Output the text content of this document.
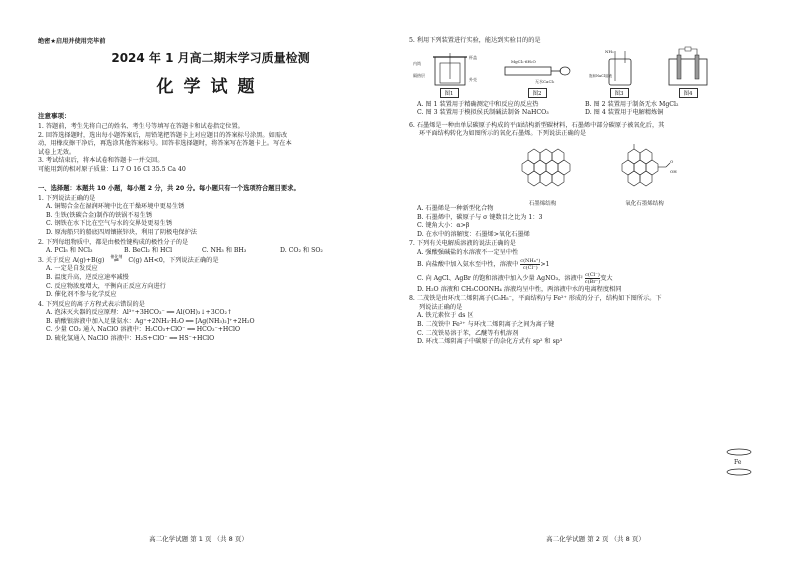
绝密★启用并使用完毕前
2024 年 1 月高二期末学习质量检测
化学试题
注意事项：
1. 答题前，考生先将自己的姓名、考生号等填写在答题卡和试卷指定位置。
2. 回答选择题时，选出每小题答案后，用铅笔把答题卡上对应题目的答案标号涂黑。如需改
动，用橡皮擦干净后，再选涂其他答案标号。回答非选择题时，将答案写在答题卡上。写在本
试卷上无效。
3. 考试结束后，将本试卷和答题卡一并交回。
可能用到的相对原子质量：Li 7 O 16 Cl 35.5 Ca 40
一、选择题：本题共 10 小题，每小题 2 分，共 20 分。每小题只有一个选项符合题目要求。
1. 下列说法正确的是
A. 铜锡合金在湿润环境中比在干燥环境中更易生锈
B. 生铁(铁碳合金)制作的铁锅不易生锈
C. 钢铁在水下比在空气与水的交界处更易生锈
D. 原海船只的船底四周镶嵌锌块，利用了阴极电保护法
2. 下列每组物质中，都是由极性键构成的极性分子的是
A. PCl₅ 和 NCl₃	B. BeCl₂ 和 HCl	C. NH₃ 和 BH₃	D. CO₂ 和 SO₂
3. 关于反应 A(g)+B(g)
催化剂
⇌ C(g) ΔH<0，下列说法正确的是
A. 一定是自发反应
B. 温度升高，逆反应速率减慢
C. 反应物浓度增大，平衡向正反应方向进行
D. 催化剂不参与化学反应
4. 下列反应的离子方程式表示错误的是
A. 泡沫灭火器的反应原理：Al³⁺+3HCO₃⁻ ══ Al(OH)₃↓+3CO₂↑
B. 硝酸银溶液中加入足量氨水：Ag⁺+2NH₃·H₂O ══ [Ag(NH₃)₂]⁺+2H₂O
C. 少量 CO₂ 通入 NaClO 溶液中：H₂CO₃+ClO⁻ ══ HCO₃⁻+HClO
D. 硫化氢通入 NaClO 溶液中：H₂S+ClO⁻ ══ HS⁻+HClO
高二化学试题 第 1 页 （共 8 页）
5. 利用下列装置进行实验，能达到实验目的的是
内筒
隔热层
杯盖
外壳
图1
MgCl₂·6H₂O
无水CaCl₂
图2
NH₃
饱和NaCl溶液
图3	图4
A. 图 1 装置用于精确测定中和反应的反应热	B. 图 2 装置用于制备无水 MgCl₂
C. 图 3 装置用于模拟侯氏制碱法制备 NaHCO₃	D. 图 4 装置用于电解精炼铜
6. 石墨烯是一种由单层碳原子构成的平面结构新型碳材料，石墨烯中部分碳原子被氧化后，其
环平面结构转化为如图所示的氧化石墨烯。下列说法正确的是
石墨烯结构
O
OH
氧化石墨烯结构
A. 石墨烯是一种新型化合物
B. 石墨烯中，碳原子与 σ 键数目之比为 1：3
C. 键角大小：α>β
D. 在水中的溶解度：石墨烯>氧化石墨烯
7. 下列有关电解质溶液的说法正确的是
A. 强酸强碱盐的水溶液不一定呈中性
B. 向盐酸中加入氨水至中性，溶液中 $\frac{\text{c(NH₄⁺)}}{c(Cl^-)} >1$
C. 向 AgCl、AgBr 的饱和溶液中加入少量 AgNO₃，溶液中 $\frac{c(Cl^-)}{c(Br^-)}$ 变大
D. H₂O 溶液和 CH₃COONH₄ 溶液均呈中性，两溶液中水的电离程度相同
8. 二茂铁是由环戊二烯阴离子(C₅H₅⁻，平面结构)与 Fe²⁺ 形成的分子，结构如下图所示。下
列说法正确的是
A. 铁元素位于 ds 区
B. 二茂铁中 Fe²⁺ 与环戊二烯阴离子之间为离子键
C. 二茂铁易溶于苯，乙醚等有机溶剂
D. 环戊二烯阴离子中碳原子的杂化方式有 sp² 和 sp³
Fe
高二化学试题 第 2 页 （共 8 页）
